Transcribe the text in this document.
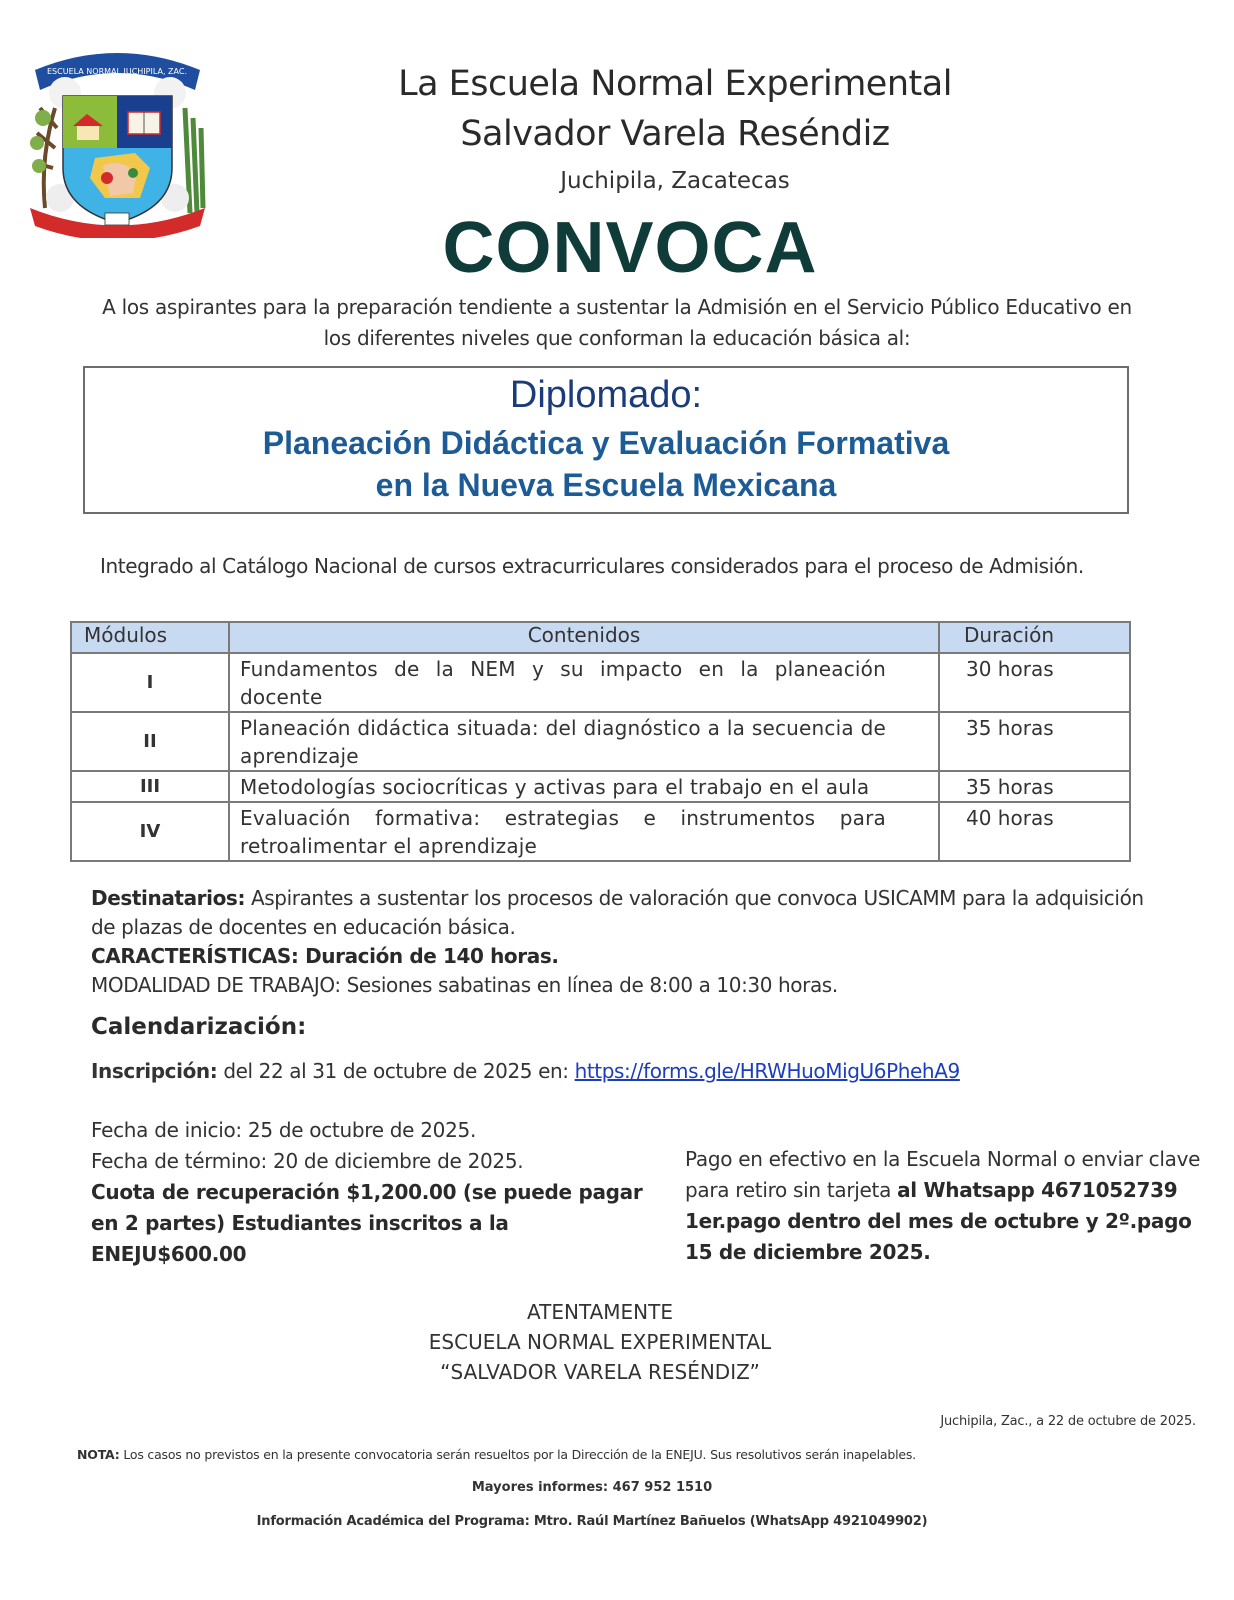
ESCUELA NORMAL JUCHIPILA, ZAC.	La Escuela Normal Experimental
Salvador Varela Reséndiz
Juchipila, Zacatecas
CONVOCA
A los aspirantes para la preparación tendiente a sustentar la Admisión en el Servicio Público Educativo en los diferentes niveles que conforman la educación básica al:
Diplomado:
Planeación Didáctica y Evaluación Formativa
en la Nueva Escuela Mexicana
Integrado al Catálogo Nacional de cursos extracurriculares considerados para el proceso de Admisión.
Módulos	Contenidos	Duración
I	Fundamentos de la NEM y su impacto en la planeación docente	30 horas
II	Planeación didáctica situada: del diagnóstico a la secuencia de aprendizaje	35 horas
III	Metodologías sociocríticas y activas para el trabajo en el aula	35 horas
IV	Evaluación formativa: estrategias e instrumentos para retroalimentar el aprendizaje	40 horas
Destinatarios: Aspirantes a sustentar los procesos de valoración que convoca USICAMM para la adquisición de plazas de docentes en educación básica.
CARACTERÍSTICAS: Duración de 140 horas.
MODALIDAD DE TRABAJO: Sesiones sabatinas en línea de 8:00 a 10:30 horas.
Calendarización:
Inscripción: del 22 al 31 de octubre de 2025 en: https://forms.gle/HRWHuoMigU6PhehA9
Fecha de inicio: 25 de octubre de 2025.
Fecha de término: 20 de diciembre de 2025.
Cuota de recuperación $1,200.00 (se puede pagar en 2 partes) Estudiantes inscritos a la ENEJU$600.00
Pago en efectivo en la Escuela Normal o enviar clave para retiro sin tarjeta al Whatsapp 4671052739 1er.pago dentro del mes de octubre y 2º.pago 15 de diciembre 2025.
ATENTAMENTE
ESCUELA NORMAL EXPERIMENTAL
“SALVADOR VARELA RESÉNDIZ”
Juchipila, Zac., a 22 de octubre de 2025.
NOTA: Los casos no previstos en la presente convocatoria serán resueltos por la Dirección de la ENEJU. Sus resolutivos serán inapelables.
Mayores informes: 467 952 1510
Información Académica del Programa: Mtro. Raúl Martínez Bañuelos (WhatsApp 4921049902)
